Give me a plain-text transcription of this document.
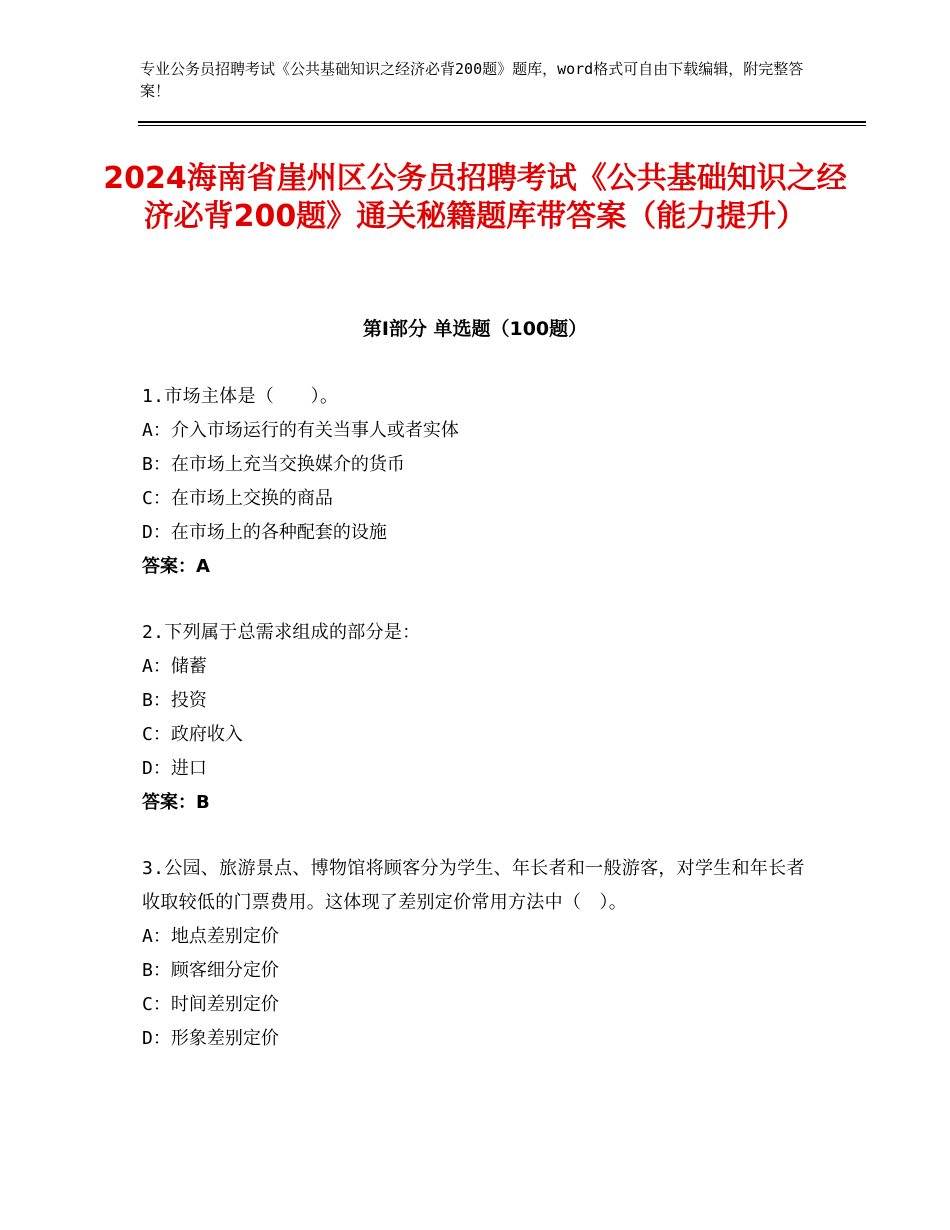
专业公务员招聘考试《公共基础知识之经济必背200题》题库，word格式可自由下载编辑，附完整答案！
2024海南省崖州区公务员招聘考试《公共基础知识之经济必背200题》通关秘籍题库带答案（能力提升）
第Ⅰ部分 单选题（100题）

1.市场主体是（　　）。

A：介入市场运行的有关当事人或者实体

B：在市场上充当交换媒介的货币

C：在市场上交换的商品

D：在市场上的各种配套的设施

答案：A

2.下列属于总需求组成的部分是：

A：储蓄

B：投资

C：政府收入

D：进口

答案：B

3.公园、旅游景点、博物馆将顾客分为学生、年长者和一般游客，对学生和年长者收取较低的门票费用。这体现了差别定价常用方法中（　）。

A：地点差别定价

B：顾客细分定价

C：时间差别定价

D：形象差别定价
